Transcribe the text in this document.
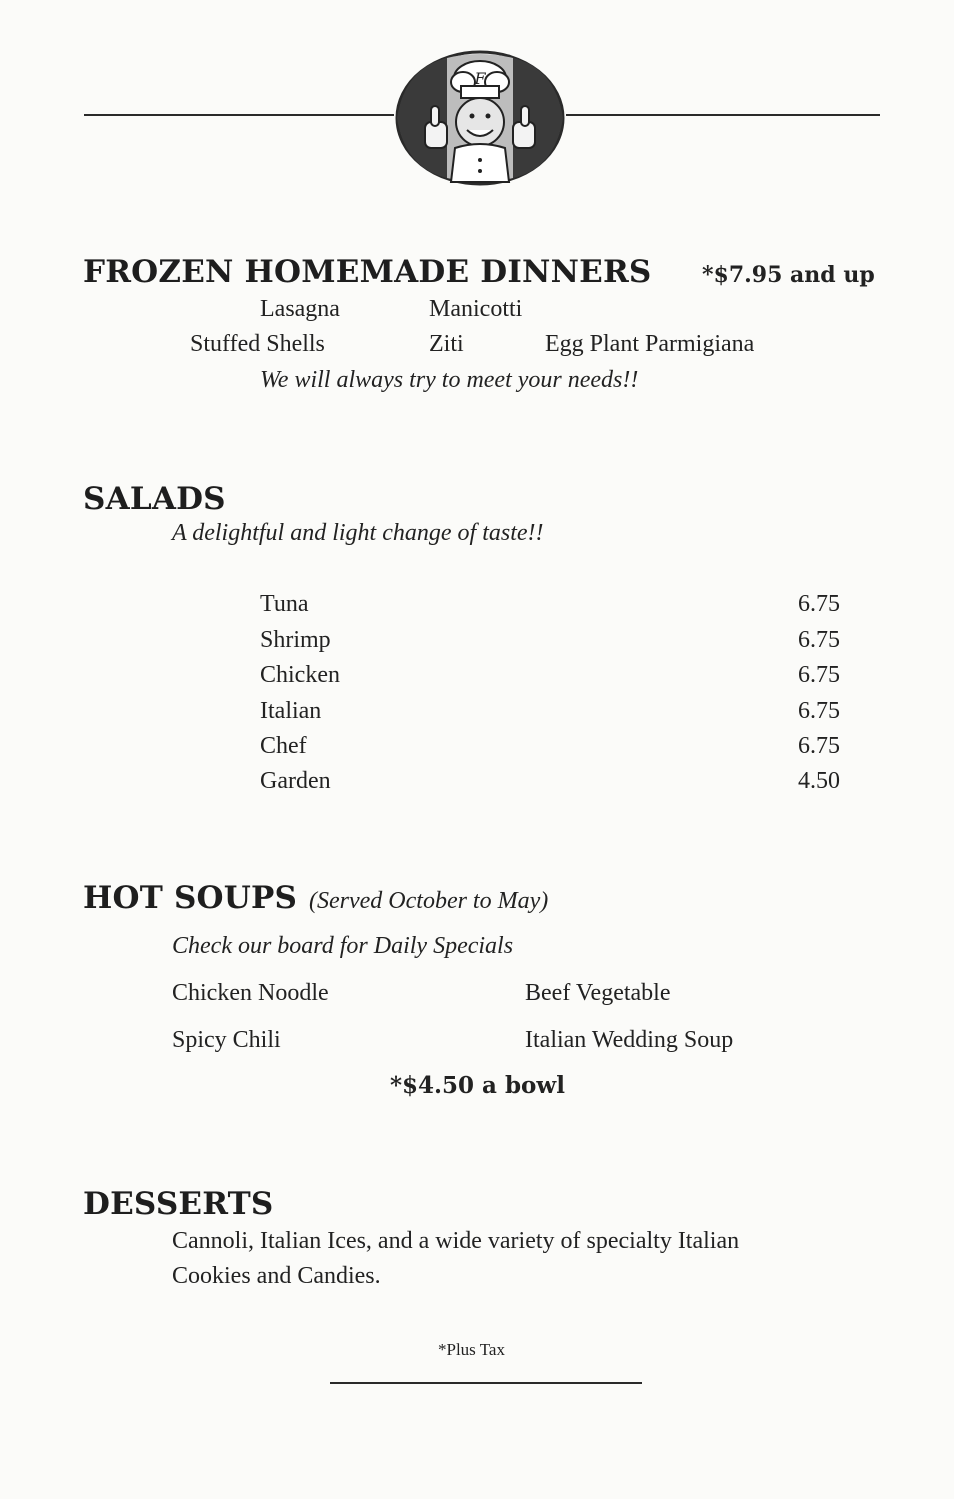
F
FROZEN HOMEMADE DINNERS *$7.95 and up
Lasagna	Manicotti
Stuffed Shells	Ziti	Egg Plant Parmigiana
We will always try to meet your needs!!
SALADS
A delightful and light change of taste!!
Tuna	6.75
Shrimp	6.75
Chicken	6.75
Italian	6.75
Chef	6.75
Garden	4.50
HOT SOUPS (Served October to May)
Check our board for Daily Specials
Chicken Noodle	Beef Vegetable
Spicy Chili	Italian Wedding Soup
*$4.50 a bowl
DESSERTS
Cannoli, Italian Ices, and a wide variety of specialty Italian
Cookies and Candies.
*Plus Tax
